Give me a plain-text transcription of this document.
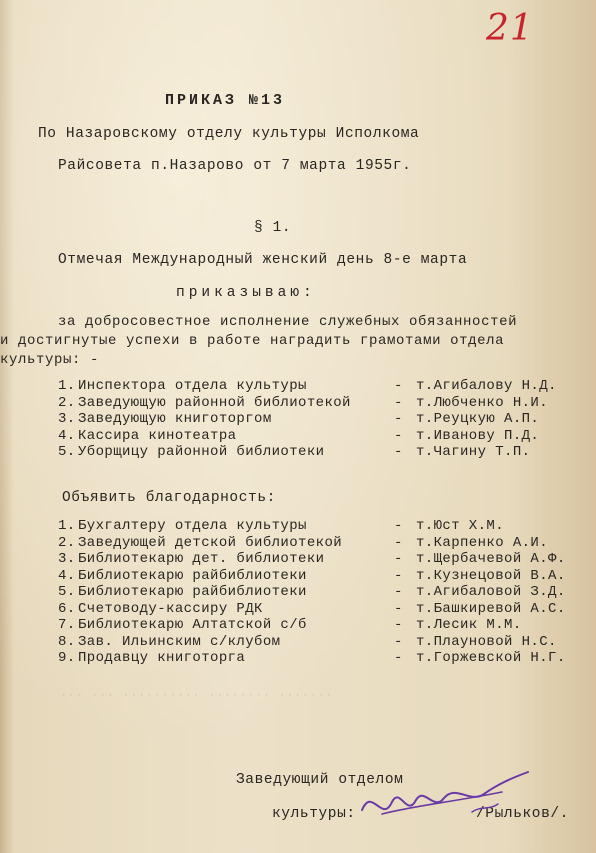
21
ПРИКАЗ №13
По Назаровскому отделу культуры Исполкома
Райсовета п.Назарово от 7 марта 1955г.
§ 1.
Отмечая Международный женский день 8-е марта
приказываю:
за добросовестное исполнение служебных обязанностей
и достигнутые успехи в работе наградить грамотами отдела
культуры: -
1. Инспектора отдела культуры	- т.Агибалову Н.Д.
2. Заведующую районной библиотекой	- т.Любченко Н.И.
3. Заведующую книготоргом	- т.Реуцкую А.П.
4. Кассира кинотеатра	- т.Иванову П.Д.
5. Уборщицу районной библиотеки	- т.Чагину Т.П.
Объявить благодарность:
1. Бухгалтеру отдела культуры	- т.Юст Х.М.
2. Заведующей детской библиотекой	- т.Карпенко А.И.
3. Библиотекарю дет. библиотеки	- т.Щербачевой А.Ф.
4. Библиотекарю райбиблиотеки	- т.Кузнецовой В.А.
5. Библиотекарю райбиблиотеки	- т.Агибаловой З.Д.
6. Счетоводу-кассиру РДК	- т.Башкиревой А.С.
7. Библиотекарю Алтатской с/б	- т.Лесик М.М.
8. Зав. Ильинским с/клубом	- т.Плауновой Н.С.
9. Продавцу книготорга	- т.Горжевской Н.Г.
··· ··· ·········· ········ ·······
Заведующий отделом
культуры:	/Рыльков/.
